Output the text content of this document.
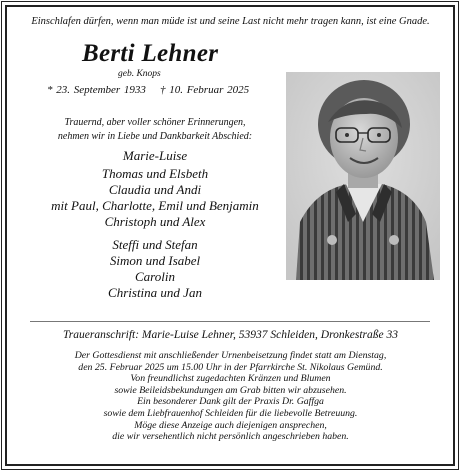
Einschlafen dürfen, wenn man müde ist und seine Last nicht mehr tragen kann, ist eine Gnade.
Berti Lehner
geb. Knops
* 23. September 1933 † 10. Februar 2025
Trauernd, aber voller schöner Erinnerungen,
nehmen wir in Liebe und Dankbarkeit Abschied:
Marie-Luise
Thomas und Elsbeth
Claudia und Andi
mit Paul, Charlotte, Emil und Benjamin
Christoph und Alex
Steffi und Stefan
Simon und Isabel
Carolin
Christina und Jan
Traueranschrift: Marie-Luise Lehner, 53937 Schleiden, Dronkestraße 33
Der Gottesdienst mit anschließender Urnenbeisetzung findet statt am Dienstag,
den 25. Februar 2025 um 15.00 Uhr in der Pfarrkirche St. Nikolaus Gemünd.
Von freundlichst zugedachten Kränzen und Blumen
sowie Beileidsbekundungen am Grab bitten wir abzusehen.
Ein besonderer Dank gilt der Praxis Dr. Gaffga
sowie dem Liebfrauenhof Schleiden für die liebevolle Betreuung.
Möge diese Anzeige auch diejenigen ansprechen,
die wir versehentlich nicht persönlich angeschrieben haben.
